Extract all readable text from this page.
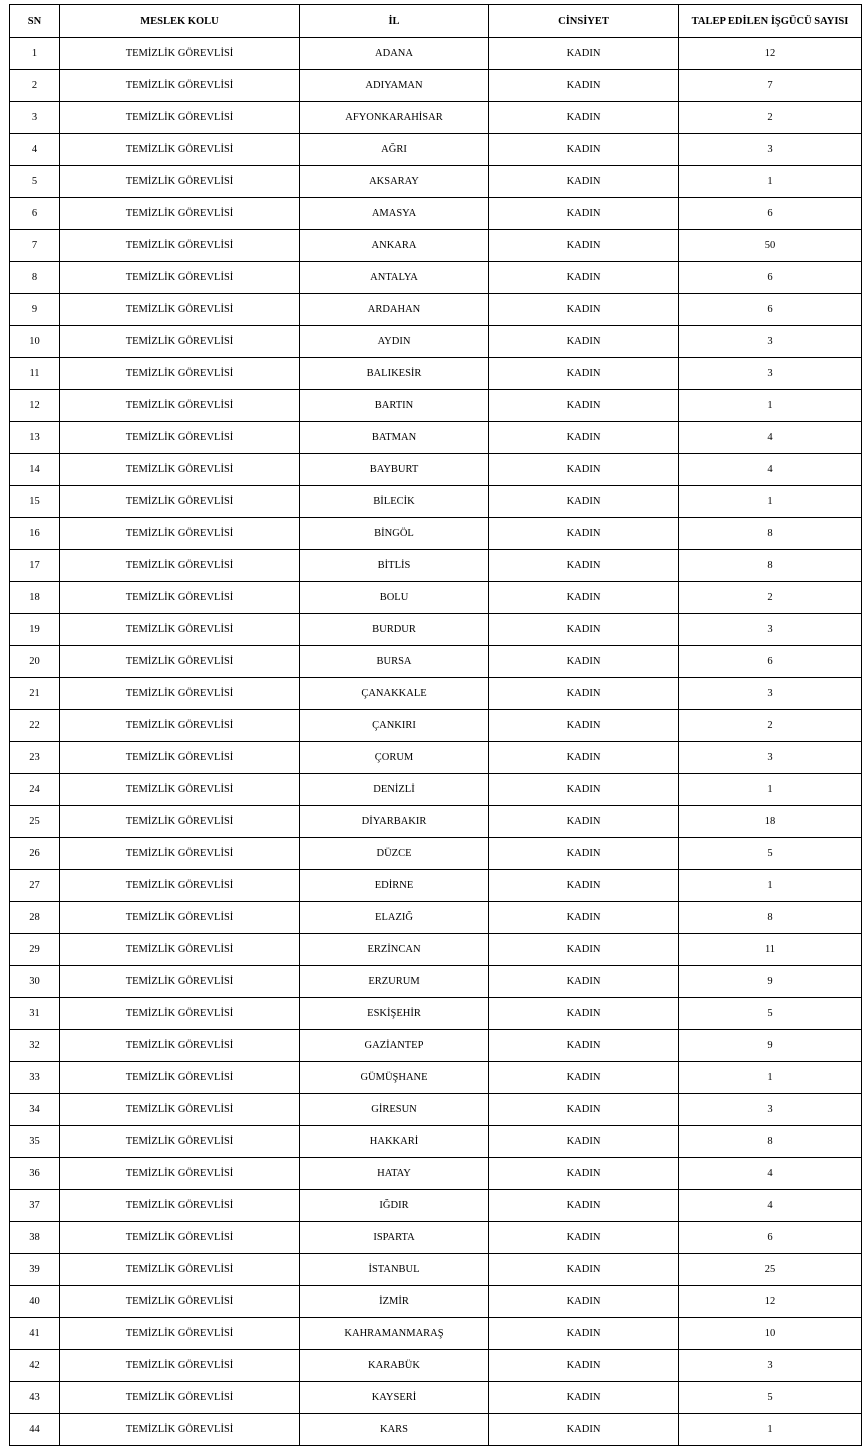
SN	MESLEK KOLU	İL	CİNSİYET	TALEP EDİLEN İŞGÜCÜ SAYISI
1	TEMİZLİK GÖREVLİSİ	ADANA	KADIN	12
2	TEMİZLİK GÖREVLİSİ	ADIYAMAN	KADIN	7
3	TEMİZLİK GÖREVLİSİ	AFYONKARAHİSAR	KADIN	2
4	TEMİZLİK GÖREVLİSİ	AĞRI	KADIN	3
5	TEMİZLİK GÖREVLİSİ	AKSARAY	KADIN	1
6	TEMİZLİK GÖREVLİSİ	AMASYA	KADIN	6
7	TEMİZLİK GÖREVLİSİ	ANKARA	KADIN	50
8	TEMİZLİK GÖREVLİSİ	ANTALYA	KADIN	6
9	TEMİZLİK GÖREVLİSİ	ARDAHAN	KADIN	6
10	TEMİZLİK GÖREVLİSİ	AYDIN	KADIN	3
11	TEMİZLİK GÖREVLİSİ	BALIKESİR	KADIN	3
12	TEMİZLİK GÖREVLİSİ	BARTIN	KADIN	1
13	TEMİZLİK GÖREVLİSİ	BATMAN	KADIN	4
14	TEMİZLİK GÖREVLİSİ	BAYBURT	KADIN	4
15	TEMİZLİK GÖREVLİSİ	BİLECİK	KADIN	1
16	TEMİZLİK GÖREVLİSİ	BİNGÖL	KADIN	8
17	TEMİZLİK GÖREVLİSİ	BİTLİS	KADIN	8
18	TEMİZLİK GÖREVLİSİ	BOLU	KADIN	2
19	TEMİZLİK GÖREVLİSİ	BURDUR	KADIN	3
20	TEMİZLİK GÖREVLİSİ	BURSA	KADIN	6
21	TEMİZLİK GÖREVLİSİ	ÇANAKKALE	KADIN	3
22	TEMİZLİK GÖREVLİSİ	ÇANKIRI	KADIN	2
23	TEMİZLİK GÖREVLİSİ	ÇORUM	KADIN	3
24	TEMİZLİK GÖREVLİSİ	DENİZLİ	KADIN	1
25	TEMİZLİK GÖREVLİSİ	DİYARBAKIR	KADIN	18
26	TEMİZLİK GÖREVLİSİ	DÜZCE	KADIN	5
27	TEMİZLİK GÖREVLİSİ	EDİRNE	KADIN	1
28	TEMİZLİK GÖREVLİSİ	ELAZIĞ	KADIN	8
29	TEMİZLİK GÖREVLİSİ	ERZİNCAN	KADIN	11
30	TEMİZLİK GÖREVLİSİ	ERZURUM	KADIN	9
31	TEMİZLİK GÖREVLİSİ	ESKİŞEHİR	KADIN	5
32	TEMİZLİK GÖREVLİSİ	GAZİANTEP	KADIN	9
33	TEMİZLİK GÖREVLİSİ	GÜMÜŞHANE	KADIN	1
34	TEMİZLİK GÖREVLİSİ	GİRESUN	KADIN	3
35	TEMİZLİK GÖREVLİSİ	HAKKARİ	KADIN	8
36	TEMİZLİK GÖREVLİSİ	HATAY	KADIN	4
37	TEMİZLİK GÖREVLİSİ	IĞDIR	KADIN	4
38	TEMİZLİK GÖREVLİSİ	ISPARTA	KADIN	6
39	TEMİZLİK GÖREVLİSİ	İSTANBUL	KADIN	25
40	TEMİZLİK GÖREVLİSİ	İZMİR	KADIN	12
41	TEMİZLİK GÖREVLİSİ	KAHRAMANMARAŞ	KADIN	10
42	TEMİZLİK GÖREVLİSİ	KARABÜK	KADIN	3
43	TEMİZLİK GÖREVLİSİ	KAYSERİ	KADIN	5
44	TEMİZLİK GÖREVLİSİ	KARS	KADIN	1
